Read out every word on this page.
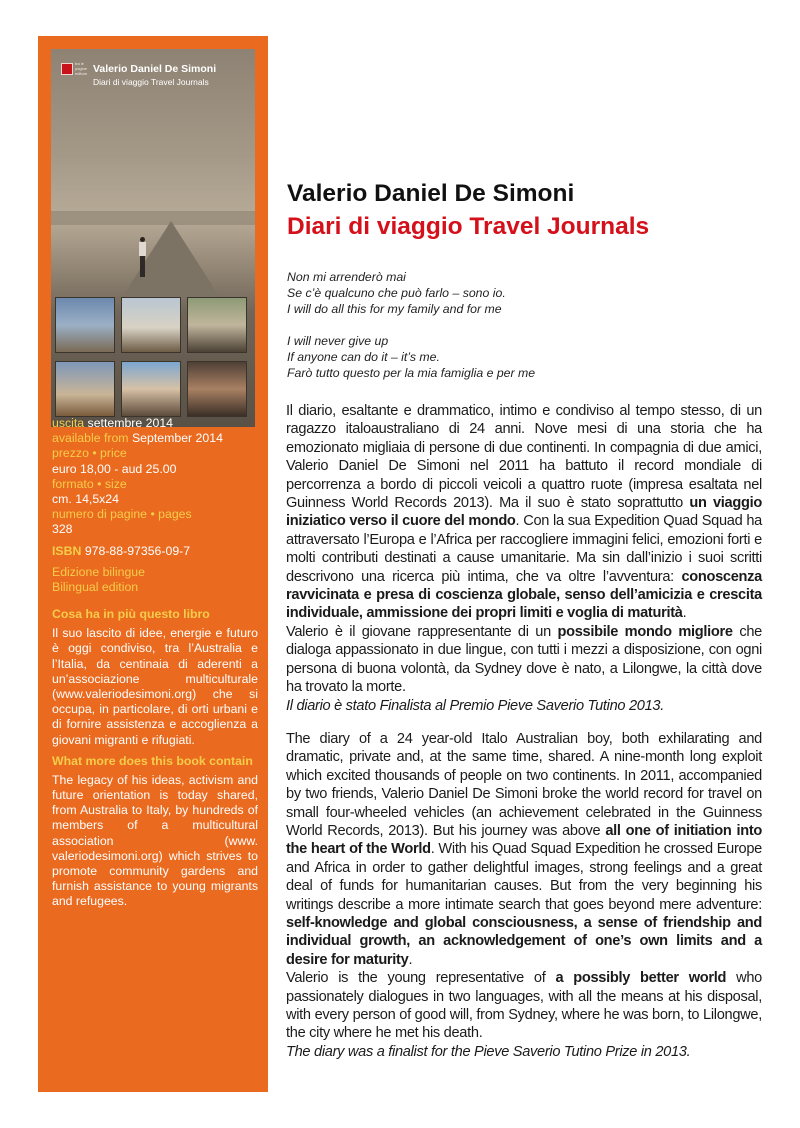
tra le pagine editore Valerio Daniel De Simoni
Diari di viaggio Travel Journals
uscita settembre 2014
available from September 2014
prezzo • price
euro 18,00 - aud 25.00
formato • size
cm. 14,5x24
numero di pagine • pages
328
ISBN 978-88-97356-09-7
Edizione bilingue
Bilingual edition
Cosa ha in più questo libro
Il suo lascito di idee, energie e futuro è oggi condiviso, tra l’Australia e l’Italia, da centinaia di aderenti a un’associazione multiculturale (www.valeriodesimoni.org) che si occupa, in particolare, di orti urbani e di fornire assistenza e accoglienza a giovani migranti e rifugiati.
What more does this book contain
The legacy of his ideas, activism and future orientation is today shared, from Australia to Italy, by hundreds of members of a multicultural association (www. valeriodesimoni.org) which strives to promote community gardens and furnish assistance to young migrants and refugees.
Valerio Daniel De Simoni
Diari di viaggio Travel Journals
Non mi arrenderò mai
Se c’è qualcuno che può farlo – sono io.
I will do all this for my family and for me
I will never give up
If anyone can do it – it’s me.
Farò tutto questo per la mia famiglia e per me

Il diario, esaltante e drammatico, intimo e condiviso al tempo stesso, di un ragazzo italoaustraliano di 24 anni. Nove mesi di una storia che ha emozionato migliaia di persone di due continenti. In compagnia di due amici, Valerio Daniel De Simoni nel 2011 ha battuto il record mondiale di percorrenza a bordo di piccoli veicoli a quattro ruote (impresa esaltata nel Guinness World Records 2013). Ma il suo è stato soprattutto un viaggio iniziatico verso il cuore del mondo. Con la sua Expedition Quad Squad ha attraversato l’Europa e l’Africa per raccogliere immagini felici, emozioni forti e molti contributi destinati a cause umanitarie. Ma sin dall’inizio i suoi scritti descrivono una ricerca più intima, che va oltre l’avventura: conoscenza ravvicinata e presa di coscienza globale, senso dell’amicizia e crescita individuale, ammissione dei propri limiti e voglia di maturità.

Valerio è il giovane rappresentante di un possibile mondo migliore che dialoga appassionato in due lingue, con tutti i mezzi a disposizione, con ogni persona di buona volontà, da Sydney dove è nato, a Lilongwe, la città dove ha trovato la morte.

Il diario è stato Finalista al Premio Pieve Saverio Tutino 2013.

The diary of a 24 year-old Italo Australian boy, both exhilarating and dramatic, private and, at the same time, shared. A nine-month long exploit which excited thousands of people on two continents. In 2011, accompanied by two friends, Valerio Daniel De Simoni broke the world record for travel on small four-wheeled vehicles (an achievement celebrated in the Guinness World Records, 2013). But his journey was above all one of initiation into the heart of the World. With his Quad Squad Expedition he crossed Europe and Africa in order to gather delightful images, strong feelings and a great deal of funds for humanitarian causes. But from the very beginning his writings describe a more intimate search that goes beyond mere adventure: self-knowledge and global consciousness, a sense of friendship and individual growth, an acknowledgement of one’s own limits and a desire for maturity.

Valerio is the young representative of a possibly better world who passionately dialogues in two languages, with all the means at his disposal, with every person of good will, from Sydney, where he was born, to Lilongwe, the city where he met his death.

The diary was a finalist for the Pieve Saverio Tutino Prize in 2013.
